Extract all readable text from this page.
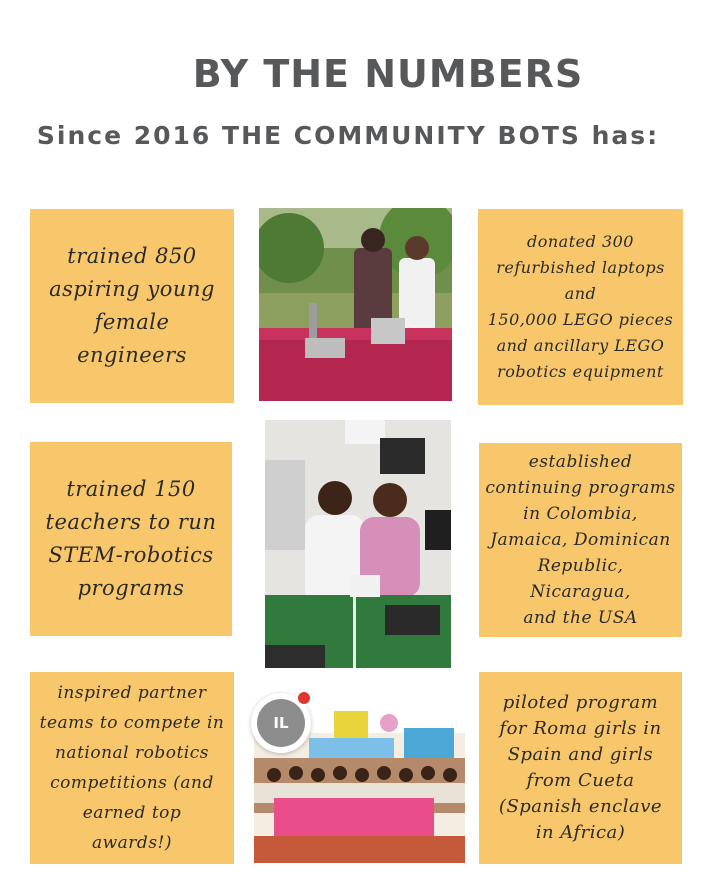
BY THE NUMBERS
Since 2016 THE COMMUNITY BOTS has:
trained 850
aspiring young
female
engineers
donated 300
refurbished laptops
and
150,000 LEGO pieces
and ancillary LEGO
robotics equipment
trained 150
teachers to run
STEM-robotics
programs
established
continuing programs
in Colombia,
Jamaica, Dominican
Republic, Nicaragua,
and the USA
inspired partner
teams to compete in
national robotics
competitions (and
earned top
awards!)
piloted program
for Roma girls in
Spain and girls
from Cueta
(Spanish enclave
in Africa)
IL
